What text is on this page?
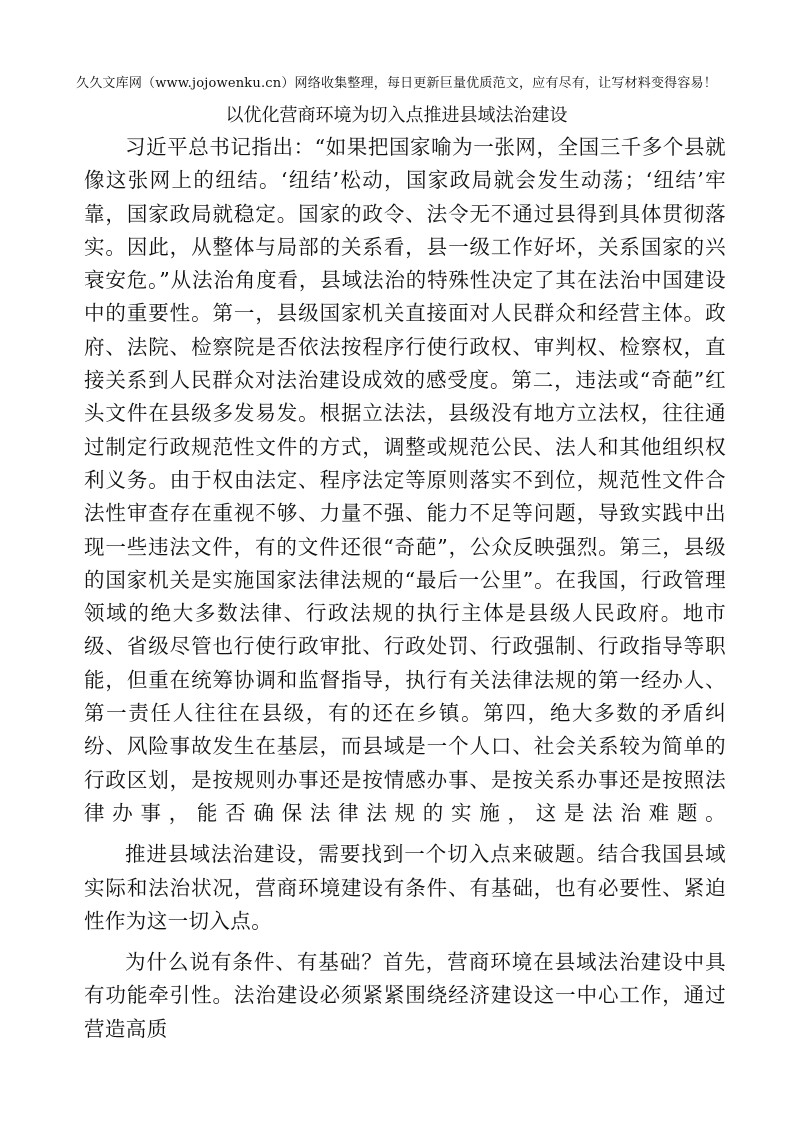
久久文库网（www.jojowenku.cn）网络收集整理，每日更新巨量优质范文，应有尽有，让写材料变得容易！
以优化营商环境为切入点推进县域法治建设

习近平总书记指出：“如果把国家喻为一张网，全国三千多个县就像这张网上的纽结。‘纽结’松动，国家政局就会发生动荡；‘纽结’牢靠，国家政局就稳定。国家的政令、法令无不通过县得到具体贯彻落实。因此，从整体与局部的关系看，县一级工作好坏，关系国家的兴衰安危。”从法治角度看，县域法治的特殊性决定了其在法治中国建设中的重要性。第一，县级国家机关直接面对人民群众和经营主体。政府、法院、检察院是否依法按程序行使行政权、审判权、检察权，直接关系到人民群众对法治建设成效的感受度。第二，违法或“奇葩”红头文件在县级多发易发。根据立法法，县级没有地方立法权，往往通过制定行政规范性文件的方式，调整或规范公民、法人和其他组织权利义务。由于权由法定、程序法定等原则落实不到位，规范性文件合法性审查存在重视不够、力量不强、能力不足等问题，导致实践中出现一些违法文件，有的文件还很“奇葩”，公众反映强烈。第三，县级的国家机关是实施国家法律法规的“最后一公里”。在我国，行政管理领域的绝大多数法律、行政法规的执行主体是县级人民政府。地市级、省级尽管也行使行政审批、行政处罚、行政强制、行政指导等职能，但重在统筹协调和监督指导，执行有关法律法规的第一经办人、第一责任人往往在县级，有的还在乡镇。第四，绝大多数的矛盾纠纷、风险事故发生在基层，而县域是一个人口、社会关系较为简单的行政区划，是按规则办事还是按情感办事、是按关系办事还是按照法律办事，能否确保法律法规的实施，这是法治难题。

推进县域法治建设，需要找到一个切入点来破题。结合我国县域实际和法治状况，营商环境建设有条件、有基础，也有必要性、紧迫性作为这一切入点。

为什么说有条件、有基础？首先，营商环境在县域法治建设中具有功能牵引性。法治建设必须紧紧围绕经济建设这一中心工作，通过营造高质
